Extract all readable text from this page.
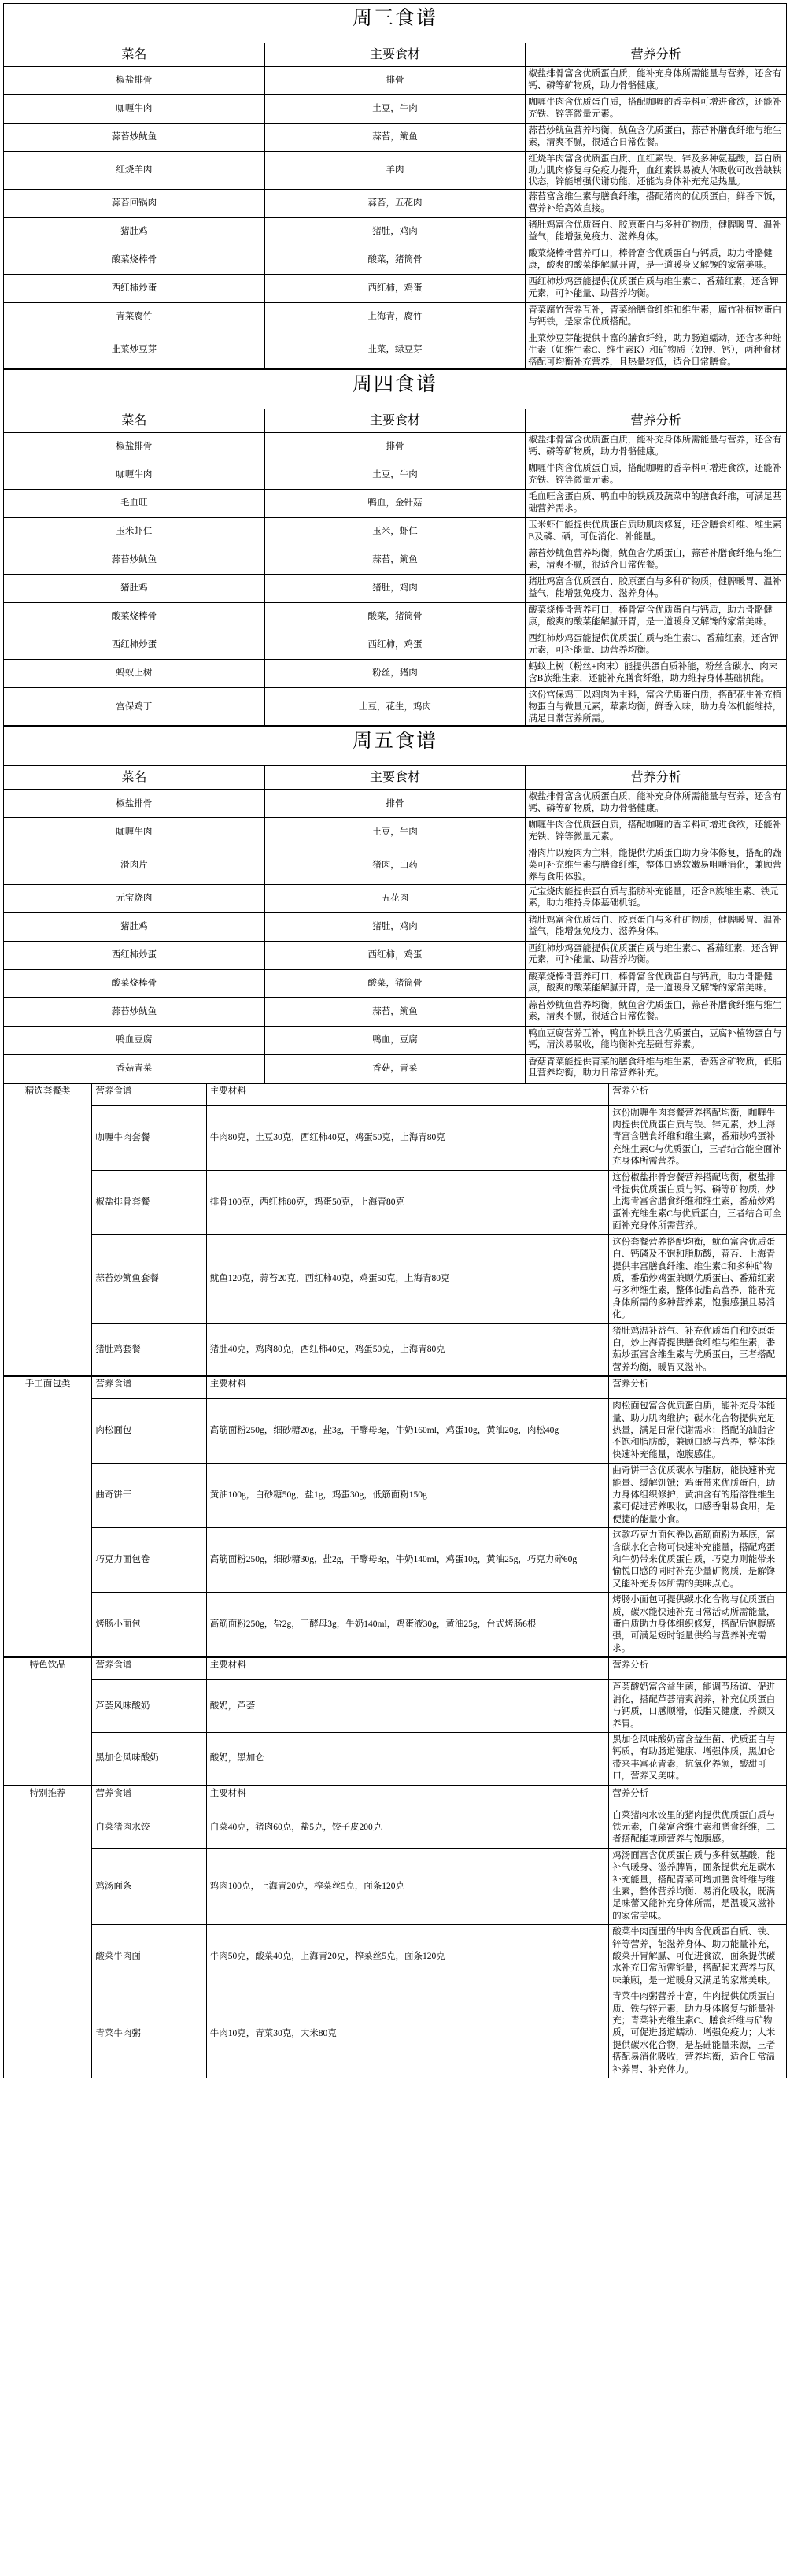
周三食谱		
菜名	主要食材	营养分析
椒盐排骨	排骨	椒盐排骨富含优质蛋白质，能补充身体所需能量与营养，还含有钙、磷等矿物质，助力骨骼健康。
咖喱牛肉	土豆，牛肉	咖喱牛肉含优质蛋白质，搭配咖喱的香辛料可增进食欲，还能补充铁、锌等微量元素。
蒜苔炒鱿鱼	蒜苔，鱿鱼	蒜苔炒鱿鱼营养均衡，鱿鱼含优质蛋白，蒜苔补膳食纤维与维生素，清爽不腻，很适合日常佐餐。
红烧羊肉	羊肉	红烧羊肉富含优质蛋白质、血红素铁、锌及多种氨基酸，蛋白质助力肌肉修复与免疫力提升，血红素铁易被人体吸收可改善缺铁状态，锌能增强代谢功能，还能为身体补充充足热量。
蒜苔回锅肉	蒜苔，五花肉	蒜苔富含维生素与膳食纤维，搭配猪肉的优质蛋白，鲜香下饭，营养补给高效直接。
猪肚鸡	猪肚，鸡肉	猪肚鸡富含优质蛋白、胶原蛋白与多种矿物质，健脾暖胃、温补益气，能增强免疫力、滋养身体。
酸菜烧棒骨	酸菜，猪筒骨	酸菜烧棒骨营养可口，棒骨富含优质蛋白与钙质，助力骨骼健康，酸爽的酸菜能解腻开胃，是一道暖身又解馋的家常美味。
西红柿炒蛋	西红柿，鸡蛋	西红柿炒鸡蛋能提供优质蛋白质与维生素C、番茄红素，还含钾元素，可补能量、助营养均衡。
青菜腐竹	上海青，腐竹	青菜腐竹营养互补，青菜给膳食纤维和维生素，腐竹补植物蛋白与钙铁，是家常优质搭配。
韭菜炒豆芽	韭菜，绿豆芽	韭菜炒豆芽能提供丰富的膳食纤维，助力肠道蠕动，还含多种维生素（如维生素C、维生素K）和矿物质（如钾、钙），两种食材搭配可均衡补充营养，且热量较低，适合日常膳食。
周四食谱		
菜名	主要食材	营养分析
椒盐排骨	排骨	椒盐排骨富含优质蛋白质，能补充身体所需能量与营养，还含有钙、磷等矿物质，助力骨骼健康。
咖喱牛肉	土豆，牛肉	咖喱牛肉含优质蛋白质，搭配咖喱的香辛料可增进食欲，还能补充铁、锌等微量元素。
毛血旺	鸭血，金针菇	毛血旺含蛋白质、鸭血中的铁质及蔬菜中的膳食纤维，可满足基础营养需求。
玉米虾仁	玉米，虾仁	玉米虾仁能提供优质蛋白质助肌肉修复，还含膳食纤维、维生素B及磷、硒，可促消化、补能量。
蒜苔炒鱿鱼	蒜苔，鱿鱼	蒜苔炒鱿鱼营养均衡，鱿鱼含优质蛋白，蒜苔补膳食纤维与维生素，清爽不腻，很适合日常佐餐。
猪肚鸡	猪肚，鸡肉	猪肚鸡富含优质蛋白、胶原蛋白与多种矿物质，健脾暖胃、温补益气，能增强免疫力、滋养身体。
酸菜烧棒骨	酸菜，猪筒骨	酸菜烧棒骨营养可口，棒骨富含优质蛋白与钙质，助力骨骼健康，酸爽的酸菜能解腻开胃，是一道暖身又解馋的家常美味。
西红柿炒蛋	西红柿，鸡蛋	西红柿炒鸡蛋能提供优质蛋白质与维生素C、番茄红素，还含钾元素，可补能量、助营养均衡。
蚂蚁上树	粉丝，猪肉	蚂蚁上树（粉丝+肉末）能提供蛋白质补能，粉丝含碳水、肉末含B族维生素，还能补充膳食纤维，助力维持身体基础机能。
宫保鸡丁	土豆，花生，鸡肉	这份宫保鸡丁以鸡肉为主料，富含优质蛋白质，搭配花生补充植物蛋白与微量元素，荤素均衡，鲜香入味，助力身体机能维持，满足日常营养所需。
周五食谱		
菜名	主要食材	营养分析
椒盐排骨	排骨	椒盐排骨富含优质蛋白质，能补充身体所需能量与营养，还含有钙、磷等矿物质，助力骨骼健康。
咖喱牛肉	土豆，牛肉	咖喱牛肉含优质蛋白质，搭配咖喱的香辛料可增进食欲，还能补充铁、锌等微量元素。
滑肉片	猪肉，山药	滑肉片以瘦肉为主料，能提供优质蛋白助力身体修复，搭配的蔬菜可补充维生素与膳食纤维，整体口感软嫩易咀嚼消化，兼顾营养与食用体验。
元宝烧肉	五花肉	元宝烧肉能提供蛋白质与脂肪补充能量，还含B族维生素、铁元素，助力维持身体基础机能。
猪肚鸡	猪肚，鸡肉	猪肚鸡富含优质蛋白、胶原蛋白与多种矿物质，健脾暖胃、温补益气，能增强免疫力、滋养身体。
西红柿炒蛋	西红柿，鸡蛋	西红柿炒鸡蛋能提供优质蛋白质与维生素C、番茄红素，还含钾元素，可补能量、助营养均衡。
酸菜烧棒骨	酸菜，猪筒骨	酸菜烧棒骨营养可口，棒骨富含优质蛋白与钙质，助力骨骼健康，酸爽的酸菜能解腻开胃，是一道暖身又解馋的家常美味。
蒜苔炒鱿鱼	蒜苔，鱿鱼	蒜苔炒鱿鱼营养均衡，鱿鱼含优质蛋白，蒜苔补膳食纤维与维生素，清爽不腻，很适合日常佐餐。
鸭血豆腐	鸭血，豆腐	鸭血豆腐营养互补，鸭血补铁且含优质蛋白，豆腐补植物蛋白与钙，清淡易吸收，能均衡补充基础营养素。
香菇青菜	香菇，青菜	香菇青菜能提供青菜的膳食纤维与维生素，香菇含矿物质，低脂且营养均衡，助力日常营养补充。
精选套餐类	营养食谱	主要材料	营养分析
	咖喱牛肉套餐	牛肉80克，土豆30克，西红柿40克，鸡蛋50克，上海青80克	这份咖喱牛肉套餐营养搭配均衡，咖喱牛肉提供优质蛋白质与铁、锌元素，炒上海青富含膳食纤维和维生素，番茄炒鸡蛋补充维生素C与优质蛋白，三者结合能全面补充身体所需营养。
	椒盐排骨套餐	排骨100克，西红柿80克，鸡蛋50克，上海青80克	这份椒盐排骨套餐营养搭配均衡，椒盐排骨提供优质蛋白质与钙、磷等矿物质，炒上海青富含膳食纤维和维生素，番茄炒鸡蛋补充维生素C与优质蛋白，三者结合可全面补充身体所需营养。
	蒜苔炒鱿鱼套餐	鱿鱼120克，蒜苔20克，西红柿40克，鸡蛋50克，上海青80克	这份套餐营养搭配均衡，鱿鱼富含优质蛋白、钙磷及不饱和脂肪酸，蒜苔、上海青提供丰富膳食纤维、维生素C和多种矿物质，番茄炒鸡蛋兼顾优质蛋白、番茄红素与多种维生素，整体低脂高营养，能补充身体所需的多种营养素，饱腹感强且易消化。
	猪肚鸡套餐	猪肚40克，鸡肉80克，西红柿40克，鸡蛋50克，上海青80克	猪肚鸡温补益气、补充优质蛋白和胶原蛋白，炒上海青提供膳食纤维与维生素，番茄炒蛋富含维生素与优质蛋白，三者搭配营养均衡，暖胃又滋补。
手工面包类	营养食谱	主要材料	营养分析
	肉松面包	高筋面粉250g，细砂糖20g，盐3g，干酵母3g，牛奶160ml，鸡蛋10g，黄油20g，肉松40g	肉松面包富含优质蛋白质，能补充身体能量、助力肌肉维护；碳水化合物提供充足热量，满足日常代谢需求；搭配的油脂含不饱和脂肪酸，兼顾口感与营养，整体能快速补充能量，饱腹感佳。
	曲奇饼干	黄油100g，白砂糖50g，盐1g，鸡蛋30g，低筋面粉150g	曲奇饼干含优质碳水与脂肪，能快速补充能量、缓解饥饿；鸡蛋带来优质蛋白，助力身体组织修护，黄油含有的脂溶性维生素可促进营养吸收，口感香甜易食用，是便捷的能量小食。
	巧克力面包卷	高筋面粉250g，细砂糖30g，盐2g，干酵母3g，牛奶140ml，鸡蛋10g，黄油25g，巧克力碎60g	这款巧克力面包卷以高筋面粉为基底，富含碳水化合物可快速补充能量，搭配鸡蛋和牛奶带来优质蛋白质，巧克力则能带来愉悦口感的同时补充少量矿物质，是解馋又能补充身体所需的美味点心。
	烤肠小面包	高筋面粉250g，盐2g，干酵母3g，牛奶140ml，鸡蛋液30g，黄油25g，台式烤肠6根	烤肠小面包可提供碳水化合物与优质蛋白质，碳水能快速补充日常活动所需能量，蛋白质助力身体组织修复，搭配后饱腹感强，可满足短时能量供给与营养补充需求。
特色饮品	营养食谱	主要材料	营养分析
	芦荟风味酸奶	酸奶，芦荟	芦荟酸奶富含益生菌，能调节肠道、促进消化，搭配芦荟清爽润养，补充优质蛋白与钙质，口感顺滑，低脂又健康，养颜又养胃。
	黑加仑风味酸奶	酸奶，黑加仑	黑加仑风味酸奶富含益生菌、优质蛋白与钙质，有助肠道健康、增强体质，黑加仑带来丰富花青素，抗氧化养颜，酸甜可口，营养又美味。
特别推荐	营养食谱	主要材料	营养分析
	白菜猪肉水饺	白菜40克，猪肉60克，盐5克，饺子皮200克	白菜猪肉水饺里的猪肉提供优质蛋白质与铁元素，白菜富含维生素和膳食纤维，二者搭配能兼顾营养与饱腹感。
	鸡汤面条	鸡肉100克，上海青20克，榨菜丝5克，面条120克	鸡汤面富含优质蛋白质与多种氨基酸，能补气暖身、滋养脾胃，面条提供充足碳水补充能量，搭配青菜可增加膳食纤维与维生素，整体营养均衡、易消化吸收，既满足味蕾又能补充身体所需，是温暖又滋补的家常美味。
	酸菜牛肉面	牛肉50克，酸菜40克，上海青20克，榨菜丝5克，面条120克	酸菜牛肉面里的牛肉含优质蛋白质、铁、锌等营养，能滋养身体、助力能量补充，酸菜开胃解腻、可促进食欲，面条提供碳水补充日常所需能量，搭配起来营养与风味兼顾，是一道暖身又满足的家常美味。
	青菜牛肉粥	牛肉10克，青菜30克，大米80克	青菜牛肉粥营养丰富，牛肉提供优质蛋白质、铁与锌元素，助力身体修复与能量补充；青菜补充维生素C、膳食纤维与矿物质，可促进肠道蠕动、增强免疫力；大米提供碳水化合物，是基础能量来源，三者搭配易消化吸收，营养均衡，适合日常温补养胃、补充体力。
